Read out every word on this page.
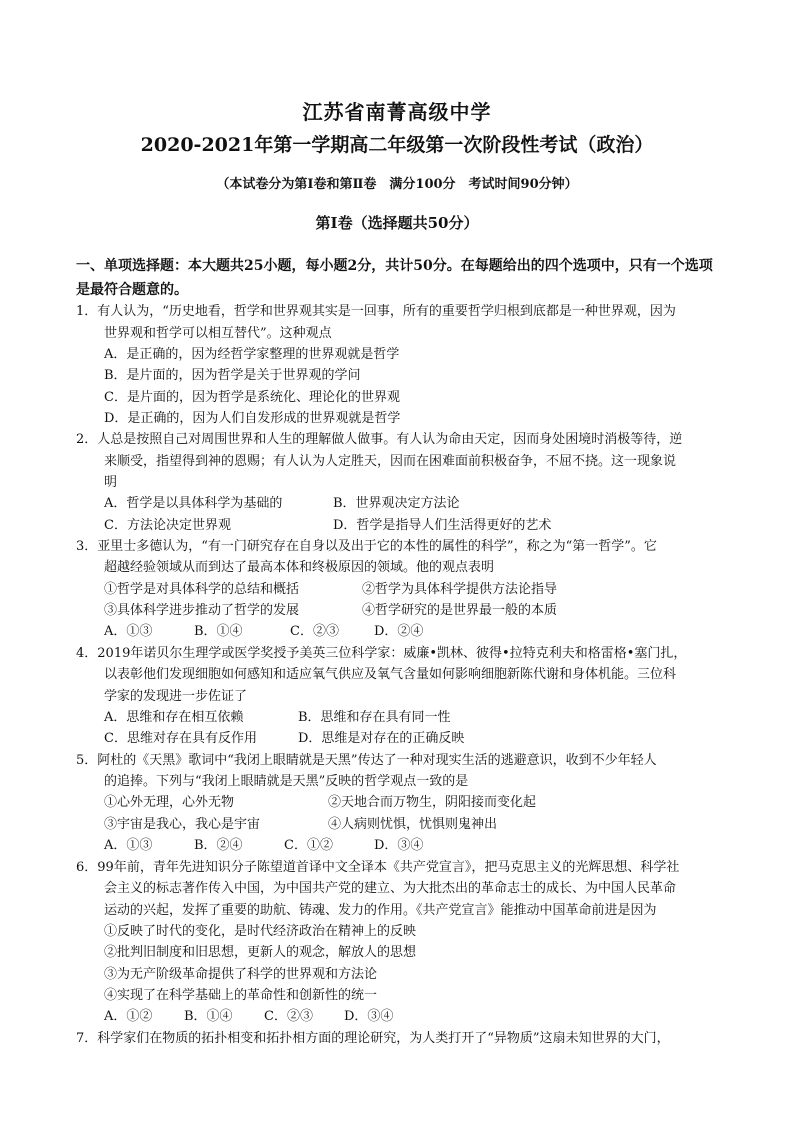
江苏省南菁高级中学
2020-2021年第一学期高二年级第一次阶段性考试（政治）
（本试卷分为第Ⅰ卷和第Ⅱ卷　满分100分　考试时间90分钟）
第Ⅰ卷（选择题共50分）
一、单项选择题：本大题共25小题，每小题2分，共计50分。在每题给出的四个选项中，只有一个选项
是最符合题意的。
1．有人认为，“历史地看，哲学和世界观其实是一回事，所有的重要哲学归根到底都是一种世界观，因为
世界观和哲学可以相互替代”。这种观点
A．是正确的，因为经哲学家整理的世界观就是哲学
B．是片面的，因为哲学是关于世界观的学问
C．是片面的，因为哲学是系统化、理论化的世界观
D．是正确的，因为人们自发形成的世界观就是哲学
2．人总是按照自己对周围世界和人生的理解做人做事。有人认为命由天定，因而身处困境时消极等待，逆
来顺受，指望得到神的恩赐；有人认为人定胜天，因而在困难面前积极奋争，不屈不挠。这一现象说
明
A．哲学是以具体科学为基础的	B．世界观决定方法论
C．方法论决定世界观	D．哲学是指导人们生活得更好的艺术
3．亚里士多德认为，“有一门研究存在自身以及出于它的本性的属性的科学”，称之为“第一哲学”。它
超越经验领域从而到达了最高本体和终极原因的领域。他的观点表明
①哲学是对具体科学的总结和概括	②哲学为具体科学提供方法论指导
③具体科学进步推动了哲学的发展	④哲学研究的是世界最一般的本质
A．①③	B．①④	C．②③	D．②④
4．2019年诺贝尔生理学或医学奖授予美英三位科学家：威廉•凯林、彼得•拉特克利夫和格雷格•塞门扎，
以表彰他们发现细胞如何感知和适应氧气供应及氧气含量如何影响细胞新陈代谢和身体机能。三位科
学家的发现进一步佐证了
A．思维和存在相互依赖	B．思维和存在具有同一性
C．思维对存在具有反作用	D．思维是对存在的正确反映
5．阿杜的《天黑》歌词中“我闭上眼睛就是天黑”传达了一种对现实生活的逃避意识，收到不少年轻人
的追捧。下列与“我闭上眼睛就是天黑”反映的哲学观点一致的是
①心外无理，心外无物	②天地合而万物生，阴阳接而变化起
③宇宙是我心，我心是宇宙	④人病则忧惧，忧惧则鬼神出
A．①③	B．②④	C．①②	D．③④
6．99年前，青年先进知识分子陈望道首译中文全译本《共产党宣言》，把马克思主义的光辉思想、科学社
会主义的标志著作传入中国，为中国共产党的建立、为大批杰出的革命志士的成长、为中国人民革命
运动的兴起，发挥了重要的助航、铸魂、发力的作用。《共产党宣言》能推动中国革命前进是因为
①反映了时代的变化，是时代经济政治在精神上的反映
②批判旧制度和旧思想，更新人的观念，解放人的思想
③为无产阶级革命提供了科学的世界观和方法论
④实现了在科学基础上的革命性和创新性的统一
A．①② B．①④ C．②③ D．③④
7．科学家们在物质的拓扑相变和拓扑相方面的理论研究，为人类打开了“异物质”这扇未知世界的大门，
